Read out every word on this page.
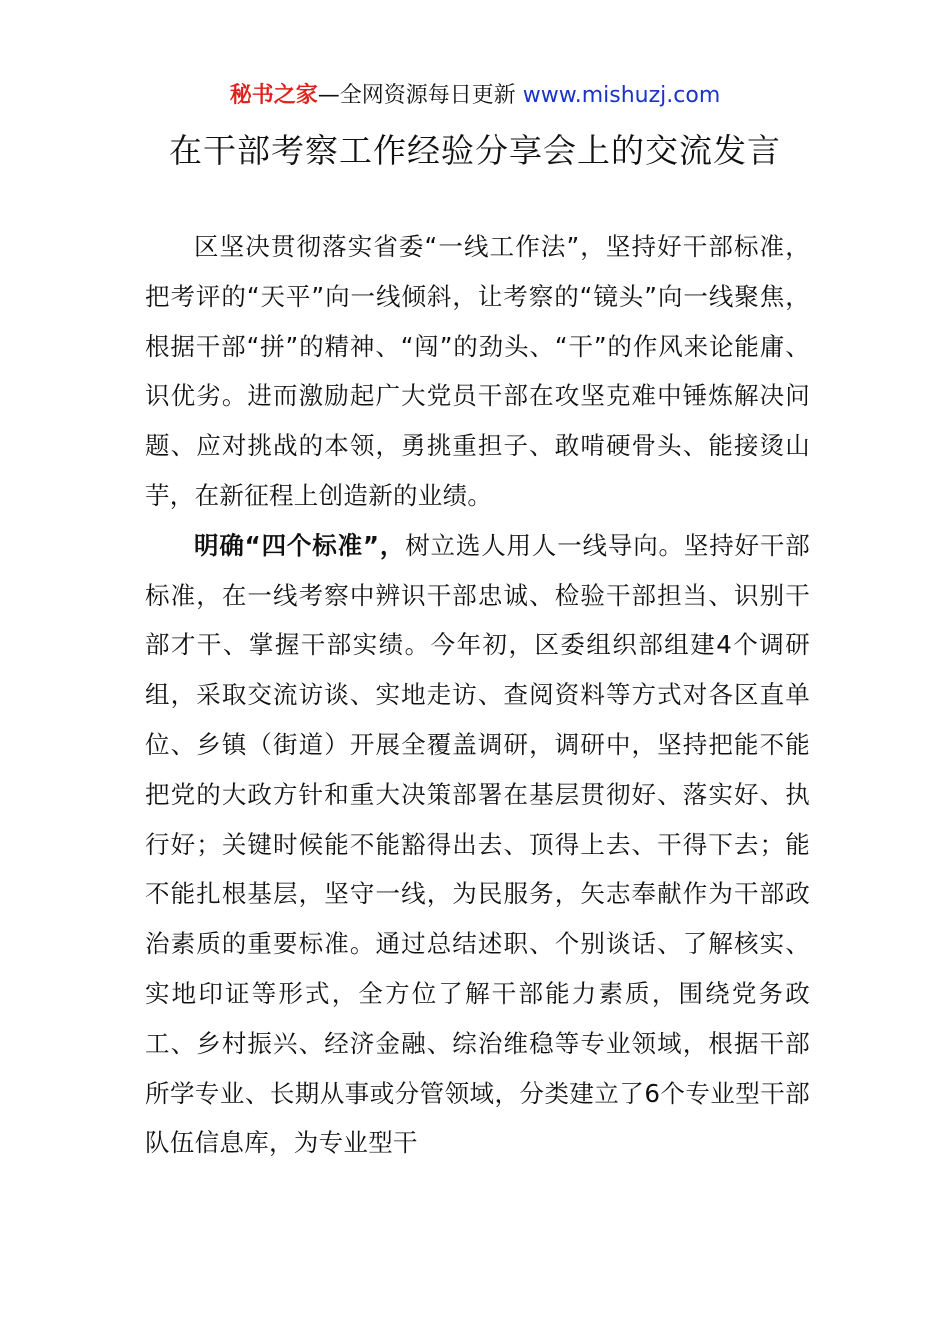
秘书之家—全网资源每日更新 www.mishuzj.com
在干部考察工作经验分享会上的交流发言

区坚决贯彻落实省委“一线工作法”，坚持好干部标准，把考评的“天平”向一线倾斜，让考察的“镜头”向一线聚焦，根据干部“拼”的精神、“闯”的劲头、“干”的作风来论能庸、识优劣。进而激励起广大党员干部在攻坚克难中锤炼解决问题、应对挑战的本领，勇挑重担子、敢啃硬骨头、能接烫山芋，在新征程上创造新的业绩。

明确“四个标准”，树立选人用人一线导向。坚持好干部标准，在一线考察中辨识干部忠诚、检验干部担当、识别干部才干、掌握干部实绩。今年初，区委组织部组建4个调研组，采取交流访谈、实地走访、查阅资料等方式对各区直单位、乡镇（街道）开展全覆盖调研，调研中，坚持把能不能把党的大政方针和重大决策部署在基层贯彻好、落实好、执行好；关键时候能不能豁得出去、顶得上去、干得下去；能不能扎根基层，坚守一线，为民服务，矢志奉献作为干部政治素质的重要标准。通过总结述职、个别谈话、了解核实、实地印证等形式，全方位了解干部能力素质，围绕党务政工、乡村振兴、经济金融、综治维稳等专业领域，根据干部所学专业、长期从事或分管领域，分类建立了6个专业型干部队伍信息库，为专业型干
